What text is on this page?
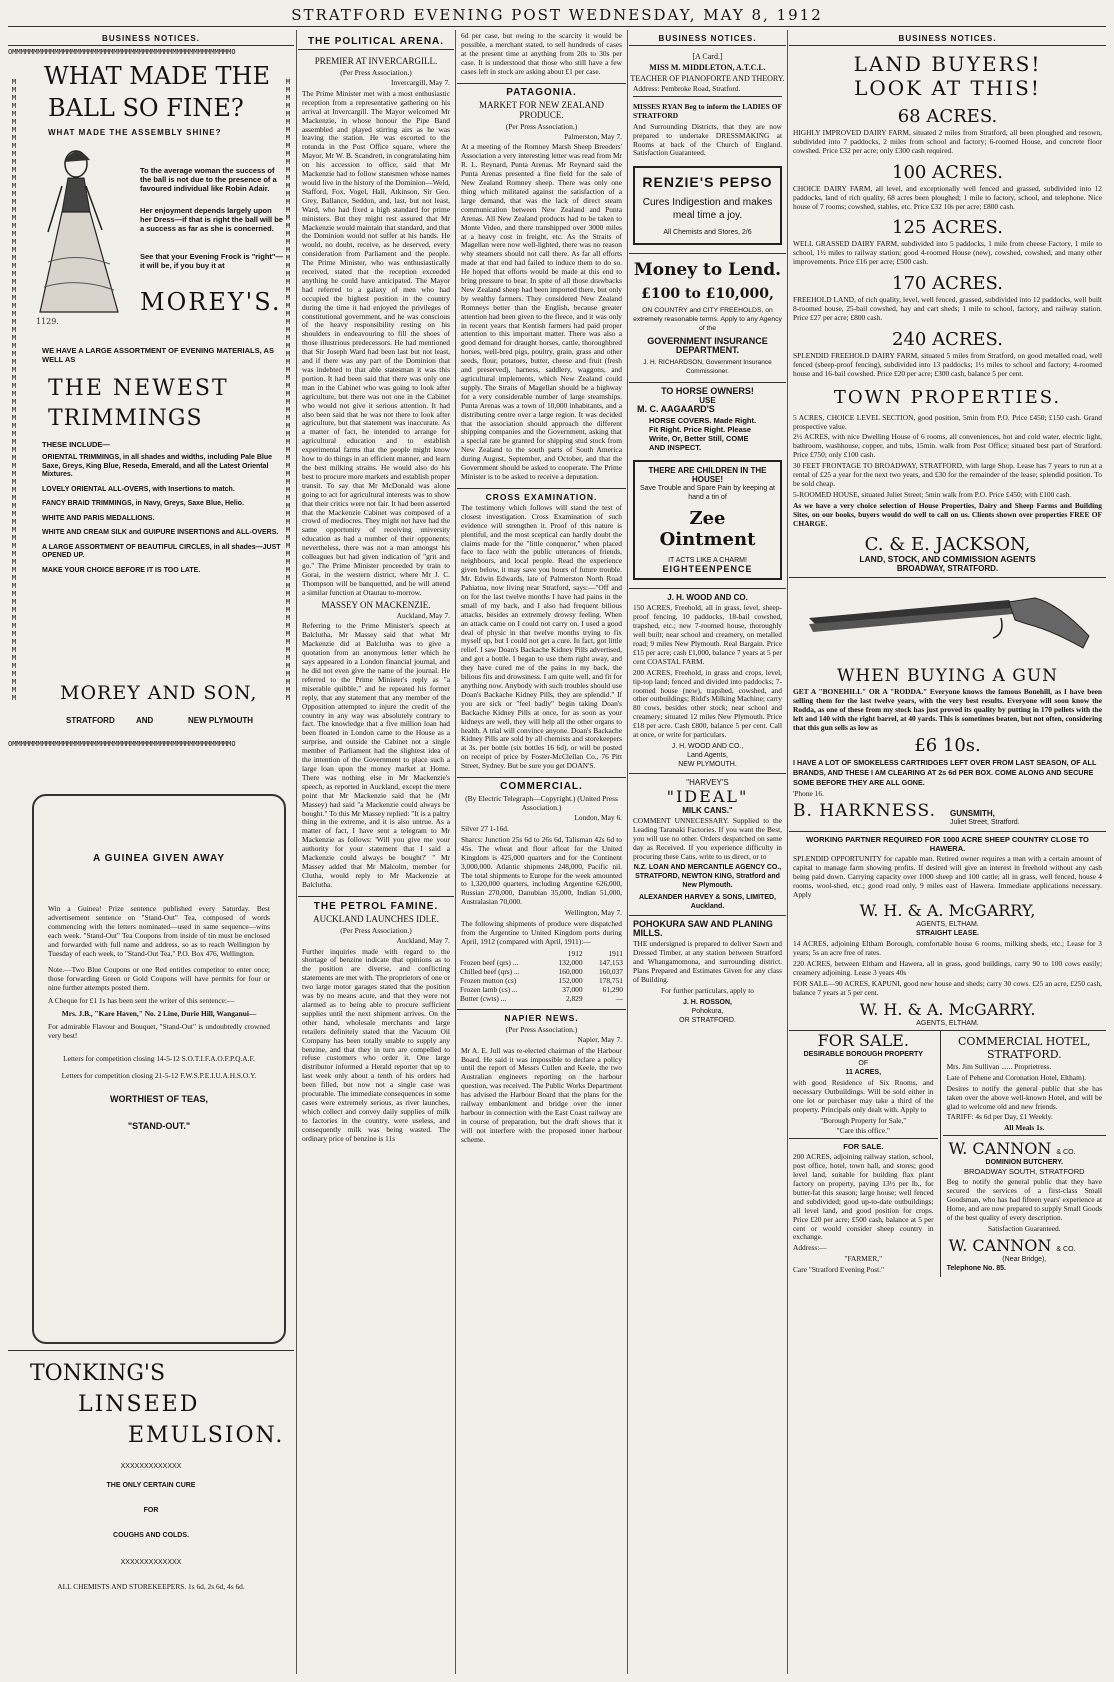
STRATFORD EVENING POST WEDNESDAY, MAY 8, 1912
BUSINESS NOTICES.
OMMMMMMMMMMMMMMMMMMMMMMMMMMMMMMMMMMMMMMMMMMMMMMMMMMMMO
WHAT MADE THE
BALL SO FINE?
WHAT MADE THE ASSEMBLY SHINE?
1129.
To the average woman the success of the ball is not due to the presence of a favoured individual like Robin Adair.
Her enjoyment depends largely upon her Dress—if that is right the ball will be a success as far as she is concerned.
See that your Evening Frock is "right"—it will be, if you buy it at
MOREY'S.
WE HAVE A LARGE ASSORTMENT OF EVENING MATERIALS, AS WELL AS
THE NEWEST
TRIMMINGS
THESE INCLUDE—
ORIENTAL TRIMMINGS, in all shades and widths, including Pale Blue Saxe, Greys, King Blue, Reseda, Emerald, and all the Latest Oriental Mixtures.
LOVELY ORIENTAL ALL-OVERS, with Insertions to match.
FANCY BRAID TRIMMINGS, in Navy, Greys, Saxe Blue, Helio.
WHITE AND PARIS MEDALLIONS.
WHITE AND CREAM SILK and GUIPURE INSERTIONS and ALL-OVERS.
A LARGE ASSORTMENT OF BEAUTIFUL CIRCLES, in all shades—JUST OPENED UP.
MAKE YOUR CHOICE BEFORE IT IS TOO LATE.
MOREY AND SON,
STRATFORD	AND	NEW PLYMOUTH
OMMMMMMMMMMMMMMMMMMMMMMMMMMMMMMMMMMMMMMMMMMMMMMMMMMMMO
A GUINEA GIVEN AWAY
Win a Guinea! Prize sentence published every Saturday. Best advertisement sentence on "Stand-Out" Tea, composed of words commencing with the letters nominated—used in same sequence—wins each week. "Stand-Out" Tea Coupons from inside of tin must be enclosed and forwarded with full name and address, so as to reach Wellington by Tuesday of each week, to "Stand-Out Tea," P.O. Box 476, Wellington.
Note.—Two Blue Coupons or one Red entitles competitor to enter once; those forwarding Green or Gold Coupons will have permits for four or nine further attempts posted them.
A Cheque for £1 1s has been sent the writer of this sentence:—
Mrs. J.B., "Kare Haven," No. 2 Line, Durie Hill, Wanganui—
For admirable Flavour and Bouquet, "Stand-Out" is undoubtedly crowned very best!
Letters for competition closing 14-5-12 S.O.T.I.F.A.O.F.P.Q.A.F.
Letters for competition closing 21-5-12 F.W.S.P.E.I.U.A.H.S.O.Y.
WORTHIEST OF TEAS,
"STAND-OUT."
TONKING'S
LINSEED
EMULSION.
XXXXXXXXXXXXX
THE ONLY CERTAIN CURE
FOR
COUGHS AND COLDS.
XXXXXXXXXXXXX
ALL CHEMISTS AND STOREKEEPERS. 1s 6d, 2s 6d, 4s 6d.
THE POLITICAL ARENA.
PREMIER AT INVERCARGILL.
(Per Press Association.)
Invercargill, May 7.
The Prime Minister met with a most enthusiastic reception from a representative gathering on his arrival at Invercargill. The Mayor welcomed Mr Mackenzie, in whose honour the Pipe Band assembled and played stirring airs as he was leaving the station. He was escorted to the rotunda in the Post Office square, where the Mayor, Mr W. B. Scandrett, in congratulating him on his accession to office, said that Mr Mackenzie had to follow statesmen whose names would live in the history of the Dominion—Weld, Stafford, Fox, Vogel, Hall, Atkinson, Sir Geo. Grey, Ballance, Seddon, and, last, but not least, Ward, who had fixed a high standard for prime ministers. But they might rest assured that Mr Mackenzie would maintain that standard, and that the Dominion would not suffer at his hands. He would, no doubt, receive, as he deserved, every consideration from Parliament and the people. The Prime Minister, who was enthusiastically received, stated that the reception exceeded anything he could have anticipated. The Mayor had referred to a galaxy of men who had occupied the highest position in the country during the time it had enjoyed the privileges of constitutional government, and he was conscious of the heavy responsibility resting on his shoulders in endeavouring to fill the shoes of those illustrious predecessors. He had mentioned that Sir Joseph Ward had been last but not least, and if there was any part of the Dominion that was indebted to that able statesman it was this portion. It had been said that there was only one man in the Cabinet who was going to look after agriculture, but there was not one in the Cabinet who would not give it serious attention. It had also been said that he was not there to look after agriculture, but that statement was inaccurate. As a matter of fact, he intended to arrange for agricultural education and to establish experimental farms that the people might know how to do things in an efficient manner, and learn the best milking strains. He would also do his best to procure more markets and establish proper transit. To say that Mr McDonald was alone going to act for agricultural interests was to show that their critics were not fair. It had been asserted that the Mackenzie Cabinet was composed of a crowd of mediocres. They might not have had the same opportunity of receiving university education as had a number of their opponents; nevertheless, there was not a man amongst his colleagues but had given indication of "grit and go." The Prime Minister proceeded by train to Gorai, in the western district, where Mr J. C. Thompson will be banquetted, and he will attend a similar function at Otautau to-morrow.
MASSEY ON MACKENZIE.
Auckland, May 7.
Referring to the Prime Minister's speech at Balclutha, Mr Massey said that what Mr Mackenzie did at Balclutha was to give a quotation from an anonymous letter which he says appeared in a London financial journal, and he did not even give the name of the journal. He referred to the Prime Minister's reply as "a miserable quibble," and he repeated his former reply, that any statement that any member of the Opposition attempted to injure the credit of the country in any way was absolutely contrary to fact. The knowledge that a five million loan had been floated in London came to the House as a surprise, and outside the Cabinet not a single member of Parliament had the slightest idea of the intention of the Government to place such a large loan upon the money market at Home. There was nothing else in Mr Mackenzie's speech, as reported in Auckland, except the mere point that Mr Mackenzie said that he (Mr Massey) had said "a Mackenzie could always be bought." To this Mr Massey replied: "It is a paltry thing in the extreme, and it is also untrue. As a matter of fact, I have sent a telegram to Mr Mackenzie as follows: 'Will you give me your authority for your statement that I said a Mackenzie could always be bought?' " Mr Massey added that Mr Malcolm, member for Clutha, would reply to Mr Mackenzie at Balclutha.
THE PETROL FAMINE.
AUCKLAND LAUNCHES IDLE.
(Per Press Association.)
Auckland, May 7.
Further inquiries made with regard to the shortage of benzine indicate that opinions as to the position are diverse, and conflicting statements are met with. The proprietors of one or two large motor garages stated that the position was by no means acute, and that they were not alarmed as to being able to procure sufficient supplies until the next shipment arrives. On the other hand, wholesale merchants and large retailers definitely stated that the Vacuum Oil Company has been totally unable to supply any benzine, and that they in turn are compelled to refuse customers who order it. One large distributor informed a Herald reporter that up to last week only about a tenth of his orders had been filled, but now not a single case was procurable. The immediate consequences in some cases were extremely serious, as river launches, which collect and convey daily supplies of milk to factories in the country, were useless, and consequently milk was being wasted. The ordinary price of benzine is 11s
6d per case, but owing to the scarcity it would be possible, a merchant stated, to sell hundreds of cases at the present time at anything from 20s to 30s per case. It is understood that those who still have a few cases left in stock are asking about £1 per case.
PATAGONIA.
MARKET FOR NEW ZEALAND PRODUCE.
(Per Press Association.)
Palmerston, May 7.
At a meeting of the Romney Marsh Sheep Breeders' Association a very interesting letter was read from Mr R. L. Reynard, Punta Arenas. Mr Reynard said the Punta Arenas presented a fine field for the sale of New Zealand Romney sheep. There was only one thing which militated against the satisfaction of a large demand, that was the lack of direct steam communication between New Zealand and Punta Arenas. All New Zealand products had to be taken to Monte Video, and there transhipped over 3000 miles at a heavy cost in freight, etc. As the Straits of Magellan were now well-lighted, there was no reason why steamers should not call there. As far all efforts made at that end had failed to induce them to do so. He hoped that efforts would be made at this end to bring pressure to bear. In spite of all those drawbacks New Zealand sheep had been imported there, but only by wealthy farmers. They considered New Zealand Romneys better than the English, because greater attention had been given to the fleece, and it was only in recent years that Kentish farmers had paid proper attention to this important matter. There was also a good demand for draught horses, cattle, thoroughbred horses, well-bred pigs, poultry, grain, grass and other seeds, flour, potatoes, butter, cheese and fruit (fresh and preserved), harness, saddlery, waggons, and agricultural implements, which New Zealand could supply. The Straits of Magellan should be a highway for a very considerable number of large steamships. Punta Arenas was a town of 10,000 inhabitants, and a distributing centre over a large region. It was decided that the association should approach the different shipping companies and the Government, asking that a special rate be granted for shipping stud stock from New Zealand to the south parts of South America during August, September, and October, and that the Government should be asked to cooperate. The Prime Minister is to be asked to receive a deputation.
CROSS EXAMINATION.
The testimony which follows will stand the test of closest investigation. Cross Examination of such evidence will strengthen it. Proof of this nature is plentiful, and the most sceptical can hardly doubt the claims made for the "little conqueror," when placed face to face with the public utterances of friends, neighbours, and local people. Read the experience given below, it may save you hours of future trouble. Mr. Edwin Edwards, late of Palmerston North Road Pahiatua, now living near Stratford, says:—"Off and on for the last twelve months I have had pains in the small of my back, and I also had frequent bilious attacks, besides an extremely drowsy feeling. When an attack came on I could not carry on. I used a good deal of physic in that twelve months trying to fix myself up, but I could not get a cure. In fact, got little relief. I saw Doan's Backache Kidney Pills advertised, and got a bottle. I began to use them right away, and they have cured me of the pains in my back, the bilious fits and drowsiness. I am quite well, and fit for anything now. Anybody with such troubles should use Doan's Backache Kidney Pills, they are splendid." If you are sick or "feel badly" begin taking Doan's Backache Kidney Pills at once, for as soon as your kidneys are well, they will help all the other organs to health. A trial will convince anyone. Doan's Backache Kidney Pills are sold by all chemists and storekeepers at 3s. per bottle (six bottles 16 6d), or will be posted on receipt of price by Foster-McClellan Co., 76 Pitt Street, Sydney. But be sure you get DOAN'S.
COMMERCIAL.
(By Electric Telegraph—Copyright.) (United Press Association.)
London, May 6.
Silver 27 1-16d.
Sharcs: Junction 25s 6d to 26s 6d, Talisman 42s 6d to 45s. The wheat and flour afloat for the United Kingdom is 425,000 quarters and for the Continent 3,000,000. Atlantic shipments 248,000, Pacific nil. The total shipments to Europe for the week amounted to 1,320,000 quarters, including Argentine 626,000, Russian 270,000, Danubian 35,000, Indian 51,000, Australasian 70,000.
Wellington, May 7.
The following shipments of produce were dispatched from the Argentine to United Kingdom ports during April, 1912 (compared with April, 1911):—
	1912	1911
Frozen beef (qrs) ...	132,000	147,153
Chilled beef (qrs) ...	160,000	160,037
Frozen mutton (cs)	152,000	178,751
Frozen lamb (cs) ...	37,000	61,290
Butter (cwts) ...	2,829	—
NAPIER NEWS.
(Per Press Association.)
Napier, May 7.
Mr A. E. Jull was re-elected chairman of the Harbour Board. He said it was impossible to declare a policy until the report of Messrs Cullen and Keele, the two Australian engineers reporting on the harbour question, was received. The Public Works Department has advised the Harbour Board that the plans for the railway embankment and bridge over the inner harbour in connection with the East Coast railway are in course of preparation, but the draft shows that it will not interfere with the proposed inner harbour scheme.
BUSINESS NOTICES.
[A Card.]
MISS M. MIDDLETON, A.T.C.L.
TEACHER OF PIANOFORTE AND THEORY.
Address: Pembroke Road, Stratford.
MISSES RYAN Beg to inform the LADIES OF STRATFORD
And Surrounding Districts, that they are now prepared to undertake DRESSMAKING at Rooms at back of the Church of England. Satisfaction Guaranteed.
RENZIE'S PEPSO
Cures Indigestion and makes meal time a joy.
All Chemists and Stores, 2/6
Money to Lend.
£100 to £10,000,
ON COUNTRY and CITY FREEHOLDS, on extremely reasonable terms. Apply to any Agency of the
GOVERNMENT INSURANCE DEPARTMENT.
J. H. RICHARDSON, Government Insurance Commissioner.
TO HORSE OWNERS!
USE
M. C. AAGAARD'S
HORSE COVERS. Made Right. Fit Right. Price Right. Please Write, Or, Better Still, COME AND INSPECT.
THERE ARE CHILDREN IN THE HOUSE!
Save Trouble and Spare Pain by keeping at hand a tin of
Zee Ointment
IT ACTS LIKE A CHARM!
EIGHTEENPENCE
J. H. WOOD AND CO.
150 ACRES, Freehold, all in grass, level, sheep-proof fencing, 10 paddocks, 18-bail cowshed, trapshed, etc.; new 7-roomed house, thoroughly well built; near school and creamery, on metalled road; 9 miles New Plymouth. Real Bargain. Price £15 per acre; cash £1,000, balance 7 years at 5 per cent COASTAL FARM.
200 ACRES, Freehold, in grass and crops, level, tip-top land; fenced and divided into paddocks; 7-roomed house (new), trapshed, cowshed, and other outbuildings; Ridd's Milking Machine; carry 80 cows, besides other stock; near school and creamery; situated 12 miles New Plymouth. Price £18 per acre. Cash £800, balance 5 per cent. Call at once, or write for particulars.
J. H. WOOD AND CO.,
Land Agents,
NEW PLYMOUTH.
"HARVEY'S
"IDEAL"
MILK CANS."
COMMENT UNNECESSARY. Supplied to the Leading Taranaki Factories. If you want the Best, you will use no other. Orders despatched on same day as Received. If you experience difficulty in procuring these Cans, write to us direct, or to
N.Z. LOAN AND MERCANTILE AGENCY CO., STRATFORD, NEWTON KING, Stratford and New Plymouth.
ALEXANDER HARVEY & SONS, LIMITED, Auckland.
POHOKURA SAW AND PLANING MILLS.
THE undersigned is prepared to deliver Sawn and Dressed Timber, at any station between Stratford and Whangamomona, and surrounding district. Plans Prepared and Estimates Given for any class of Building.
For further particulars, apply to
J. H. ROSSON,
Pohokura,
OR STRATFORD.
BUSINESS NOTICES.
LAND BUYERS!
LOOK AT THIS!
68 ACRES.
HIGHLY IMPROVED DAIRY FARM, situated 2 miles from Stratford, all been ploughed and resown, subdivided into 7 paddocks, 2 miles from school and factory; 6-roomed House, and concrete floor cowshed. Price £32 per acre; only £300 cash required.
100 ACRES.
CHOICE DAIRY FARM, all level, and exceptionally well fenced and grassed, subdivided into 12 paddocks, land of rich quality, 68 acres been ploughed; 1 mile to factory, school, and telephone. Nice house of 7 rooms; cowshed, stables, etc. Price £32 10s per acre; £800 cash.
125 ACRES.
WELL GRASSED DAIRY FARM, subdivided into 5 paddocks, 1 mile from cheese Factory, 1 mile to school, 1½ miles to railway station; good 4-roomed House (new), cowshed, cowshed, and many other improvements. Price £16 per acre; £500 cash.
170 ACRES.
FREEHOLD LAND, of rich quality, level, well fenced, grassed, subdivided into 12 paddocks, well built 8-roomed house, 25-bail cowshed, hay and cart sheds; 1 mile to school, factory, and railway station. Price £27 per acre; £800 cash.
240 ACRES.
SPLENDID FREEHOLD DAIRY FARM, situated 5 miles from Stratford, on good metalled road, well fenced (sheep-proof fencing), subdivided into 13 paddocks; 1½ miles to school and factory; 4-roomed house and 16-bail cowshed. Price £20 per acre; £300 cash, balance 5 per cent.
TOWN PROPERTIES.
5 ACRES, CHOICE LEVEL SECTION, good position, 5min from P.O. Price £450; £150 cash. Grand prospective value.
2½ ACRES, with nice Dwelling House of 6 rooms, all conveniences, hot and cold water, electric light, bathroom, washhouse, copper, and tubs, 15min. walk from Post Office; situated best part of Stratford. Price £750; only £100 cash.
30 FEET FRONTAGE TO BROADWAY, STRATFORD, with large Shop. Lease has 7 years to run at a rental of £25 a year for the next two years, and £30 for the remainder of the lease; splendid position. To be sold cheap.
5-ROOMED HOUSE, situated Juliet Street; 5min walk from P.O. Price £450; with £100 cash.
As we have a very choice selection of House Properties, Dairy and Sheep Farms and Building Sites, on our books, buyers would do well to call on us. Clients shown over properties FREE OF CHARGE.
C. & E. JACKSON,
LAND, STOCK, AND COMMISSION AGENTS
BROADWAY, STRATFORD.
WHEN BUYING A GUN
GET A "BONEHILL" OR A "RODDA." Everyone knows the famous Bonehill, as I have been selling them for the last twelve years, with the very best results. Everyone will soon know the Rodda, as one of these from my stock has just proved its quality by putting in 170 pellets with the left and 140 with the right barrel, at 40 yards. This is sometimes beaten, but not often, considering that this gun sells as low as
£6 10s.
I HAVE A LOT OF SMOKELESS CARTRIDGES LEFT OVER FROM LAST SEASON, OF ALL BRANDS, AND THESE I AM CLEARING AT 2s 6d PER BOX. COME ALONG AND SECURE SOME BEFORE THEY ARE ALL GONE.
'Phone 16.
B. HARKNESS. GUNSMITH,
Juliet Street, Stratford.
WORKING PARTNER REQUIRED FOR 1000 ACRE SHEEP COUNTRY CLOSE TO HAWERA.
SPLENDID OPPORTUNITY for capable man. Retired owner requires a man with a certain amount of capital to manage farm showing profits. If desired will give an interest in freehold without any cash being paid down. Carrying capacity over 1000 sheep and 100 cattle; all in grass, well fenced, house 4 rooms, wool-shed, etc.; good road only, 9 miles east of Hawera. Immediate applications necessary. Apply
W. H. & A. McGARRY,
AGENTS, ELTHAM.
STRAIGHT LEASE.
14 ACRES, adjoining Eltham Borough, comfortable house 6 rooms, milking sheds, etc.; Lease for 3 years; 5s an acre free of rates.
220 ACRES, between Eltham and Hawera, all in grass, good buildings, carry 90 to 100 cows easily; creamery adjoining. Lease 3 years 40s
FOR SALE—90 ACRES, KAPUNI, good new house and sheds; carry 30 cows. £25 an acre, £250 cash, balance 7 years at 5 per cent.
W. H. & A. McGARRY.
AGENTS, ELTHAM.
FOR SALE.
DESIRABLE BOROUGH PROPERTY
OF
11 ACRES,
with good Residence of Six Rooms, and necessary Outbuildings. Will be sold either in one lot or purchaser may take a third of the property. Principals only dealt with. Apply to
"Borough Property for Sale,"
"Care this office."
FOR SALE.
200 ACRES, adjoining railway station, school, post office, hotel, town hall, and stores; good level land, suitable for building flax plant factory on property, paying 13½ per lb., for butter-fat this season; large house; well fenced and subdivided; good up-to-date outbuildings; all level land, and good position for crops. Price £20 per acre; £500 cash, balance at 5 per cent or would consider sheep country in exchange.
Address:—
"FARMER,"
Care "Stratford Evening Post."
COMMERCIAL HOTEL, STRATFORD.
Mrs. Jim Sullivan ...... Proprietress.
Late of Pehene and Coronation Hotel, Eltham).
Desires to notify the general public that she has taken over the above well-known Hotel, and will be glad to welcome old and new friends.
TARIFF: 4s 6d per Day, £1 Weekly.
All Meals 1s.
W. CANNON & CO.
DOMINION BUTCHERY.
BROADWAY SOUTH, STRATFORD
Beg to notify the general public that they have secured the services of a first-class Small Goodsman, who has had fifteen years' experience at Home, and are now prepared to supply Small Goods of the best quality of every description.
Satisfaction Guaranteed.
W. CANNON & CO.
(Near Bridge),
Telephone No. 85.
M
M
M
M
M
M
M
M
M
M
M
M
M
M
M
M
M
M
M
M
M
M
M
M
M
M
M
M
M
M
M
M
M
M
M
M
M
M
M
M
M
M
M
M
M
M
M
M
M
M
M
M
M
M
M
M
M
M
M
M
M
M
M
M
M
M
M
M
M
M
M
M
M
M
M
M
M
M
M
M
M
M
M
M
M
M
M
M
M
M
M
M
M
M
M
M
M
M
M
M
M
M
M
M
M
M
M
M
M
M
M
M
M
M
M
M
M
M
M
M
M
M
M
M
M
M
M
M
M
M
M
M
M
M
M
M
M
M
M
M
M
M
M
M
M
M
M
M
M
M
M
M
M
M
M
M
